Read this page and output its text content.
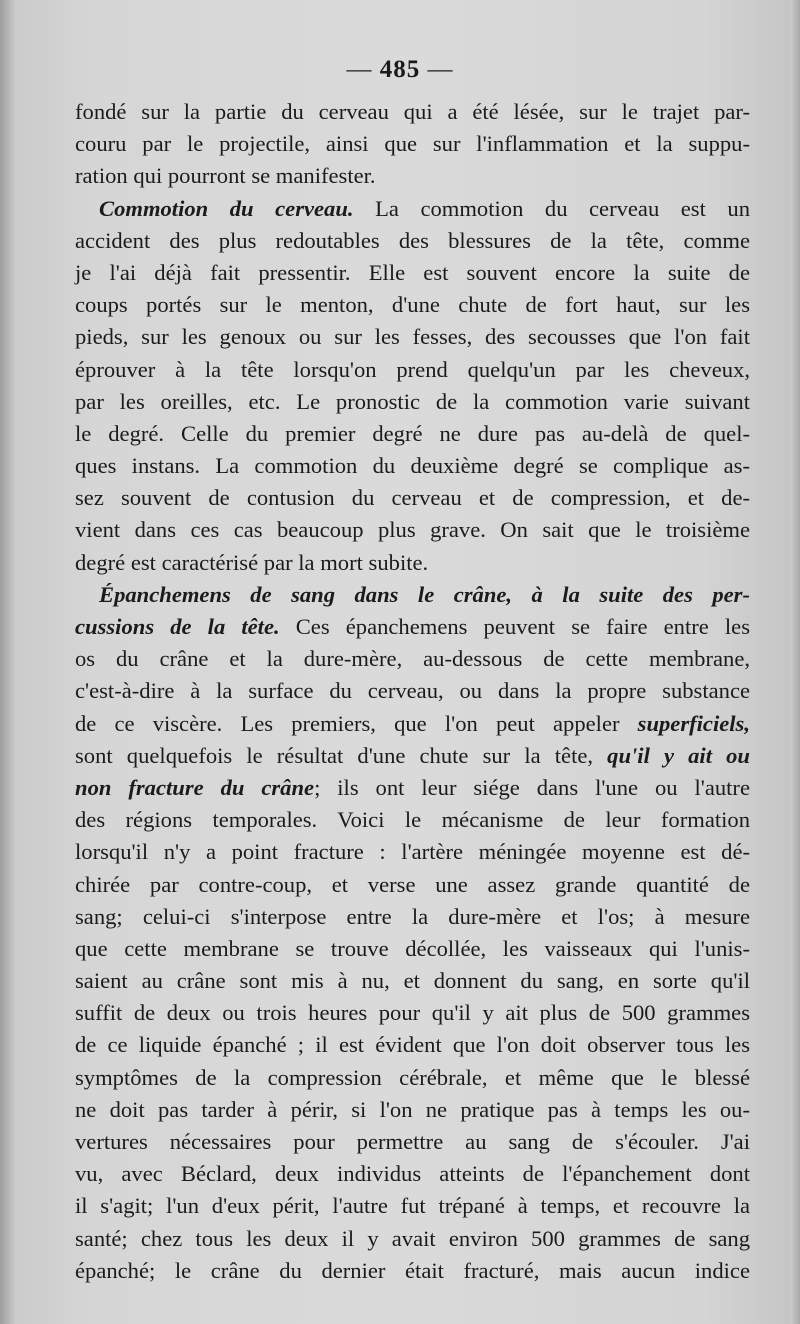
— 485 —
fondé sur la partie du cerveau qui a été lésée, sur le trajet par-
couru par le projectile, ainsi que sur l'inflammation et la suppu-
ration qui pourront se manifester.
Commotion du cerveau. La commotion du cerveau est un
accident des plus redoutables des blessures de la tête, comme
je l'ai déjà fait pressentir. Elle est souvent encore la suite de
coups portés sur le menton, d'une chute de fort haut, sur les
pieds, sur les genoux ou sur les fesses, des secousses que l'on fait
éprouver à la tête lorsqu'on prend quelqu'un par les cheveux,
par les oreilles, etc. Le pronostic de la commotion varie suivant
le degré. Celle du premier degré ne dure pas au-delà de quel-
ques instans. La commotion du deuxième degré se complique as-
sez souvent de contusion du cerveau et de compression, et de-
vient dans ces cas beaucoup plus grave. On sait que le troisième
degré est caractérisé par la mort subite.
Épanchemens de sang dans le crâne, à la suite des per-
cussions de la tête. Ces épanchemens peuvent se faire entre les
os du crâne et la dure-mère, au-dessous de cette membrane,
c'est-à-dire à la surface du cerveau, ou dans la propre substance
de ce viscère. Les premiers, que l'on peut appeler superficiels,
sont quelquefois le résultat d'une chute sur la tête, qu'il y ait ou
non fracture du crâne; ils ont leur siége dans l'une ou l'autre
des régions temporales. Voici le mécanisme de leur formation
lorsqu'il n'y a point fracture : l'artère méningée moyenne est dé-
chirée par contre-coup, et verse une assez grande quantité de
sang; celui-ci s'interpose entre la dure-mère et l'os; à mesure
que cette membrane se trouve décollée, les vaisseaux qui l'unis-
saient au crâne sont mis à nu, et donnent du sang, en sorte qu'il
suffit de deux ou trois heures pour qu'il y ait plus de 500 grammes
de ce liquide épanché ; il est évident que l'on doit observer tous les
symptômes de la compression cérébrale, et même que le blessé
ne doit pas tarder à périr, si l'on ne pratique pas à temps les ou-
vertures nécessaires pour permettre au sang de s'écouler. J'ai
vu, avec Béclard, deux individus atteints de l'épanchement dont
il s'agit; l'un d'eux périt, l'autre fut trépané à temps, et recouvre la
santé; chez tous les deux il y avait environ 500 grammes de sang
épanché; le crâne du dernier était fracturé, mais aucun indice
